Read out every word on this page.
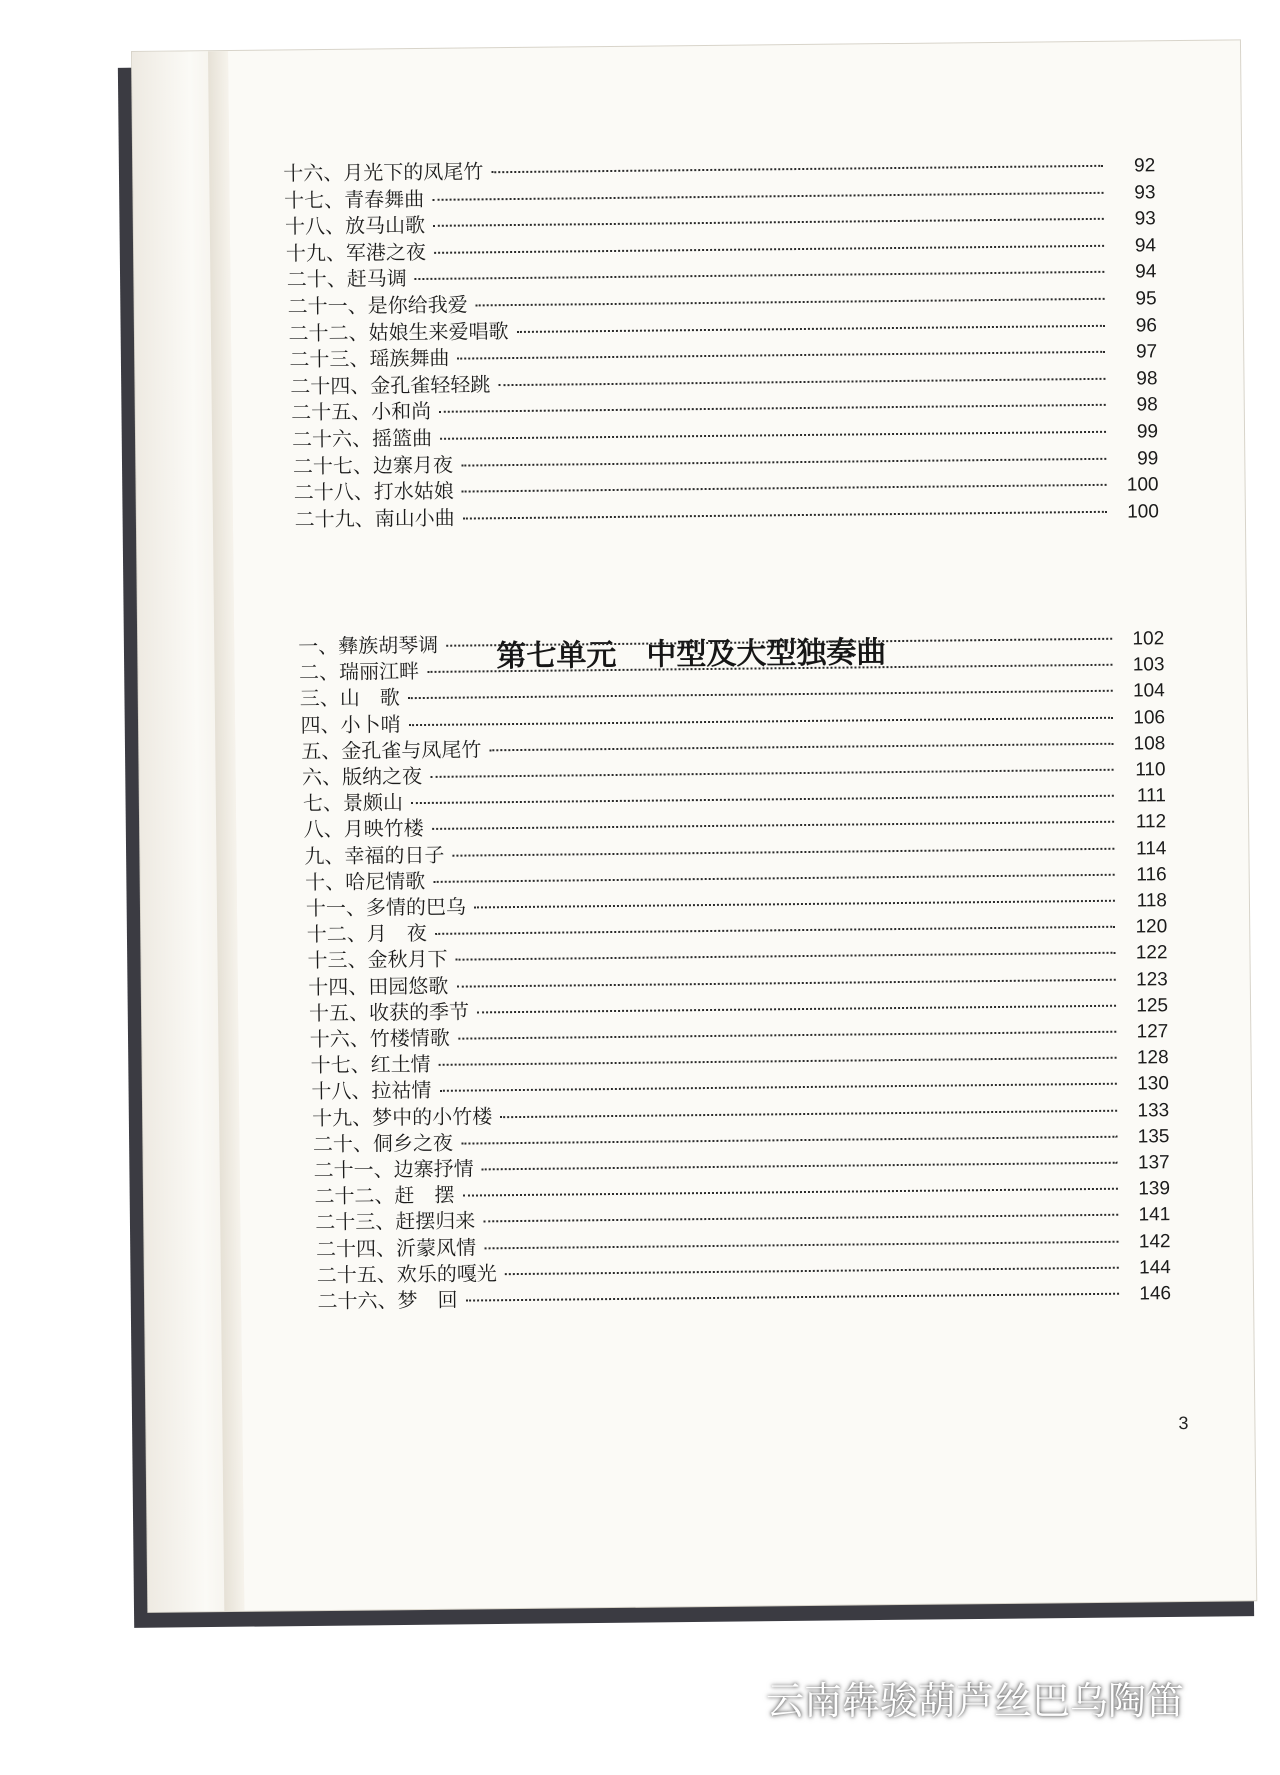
十六、月光下的凤尾竹	92
十七、青春舞曲	93
十八、放马山歌	93
十九、军港之夜	94
二十、赶马调	94
二十一、是你给我爱	95
二十二、姑娘生来爱唱歌	96
二十三、瑶族舞曲	97
二十四、金孔雀轻轻跳	98
二十五、小和尚	98
二十六、摇篮曲	99
二十七、边寨月夜	99
二十八、打水姑娘	100
二十九、南山小曲	100
第七单元　中型及大型独奏曲
一、彝族胡琴调	102
二、瑞丽江畔	103
三、山　歌	104
四、小卜哨	106
五、金孔雀与凤尾竹	108
六、版纳之夜	110
七、景颇山	111
八、月映竹楼	112
九、幸福的日子	114
十、哈尼情歌	116
十一、多情的巴乌	118
十二、月　夜	120
十三、金秋月下	122
十四、田园悠歌	123
十五、收获的季节	125
十六、竹楼情歌	127
十七、红土情	128
十八、拉祜情	130
十九、梦中的小竹楼	133
二十、侗乡之夜	135
二十一、边寨抒情	137
二十二、赶　摆	139
二十三、赶摆归来	141
二十四、沂蒙风情	142
二十五、欢乐的嘎光	144
二十六、梦　回	146
3
云南犇骏葫芦丝巴乌陶笛
